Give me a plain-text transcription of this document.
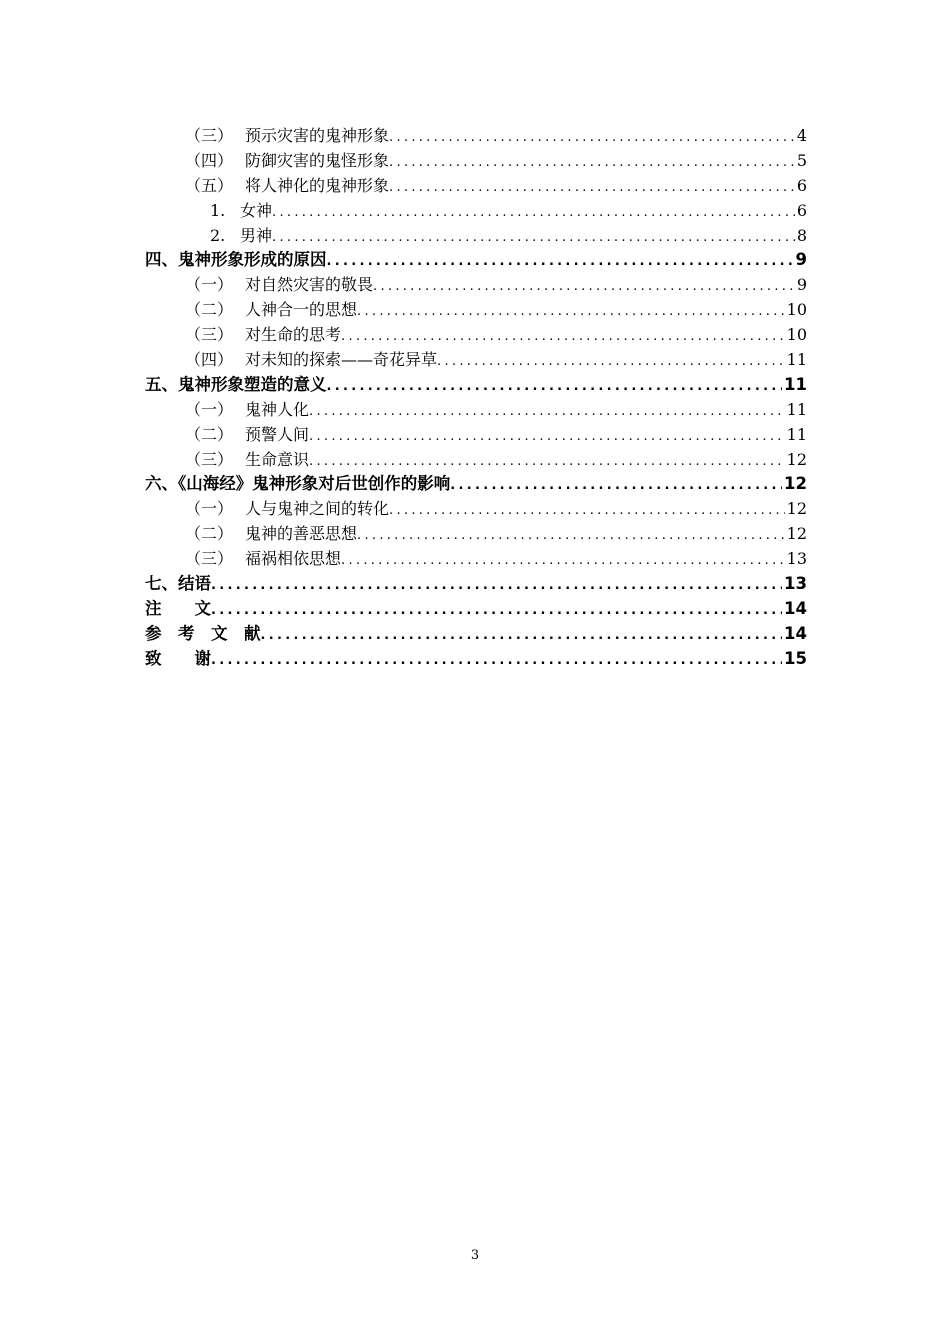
（三） 预示灾害的鬼神形象 .....	4
（四） 防御灾害的鬼怪形象 .....	5
（五） 将人神化的鬼神形象 .....	6
1. 女神 .....	6
2. 男神 .....	8
四、鬼神形象形成的原因 .....	9
（一） 对自然灾害的敬畏 .....	9
（二） 人神合一的思想 .....	10
（三） 对生命的思考 .....	10
（四） 对未知的探索——奇花异草 .....	11
五、鬼神形象塑造的意义 .....	11
（一） 鬼神人化 .....	11
（二） 预警人间 .....	11
（三） 生命意识 .....	12
六、《山海经》鬼神形象对后世创作的影响 .....	12
（一） 人与鬼神之间的转化 .....	12
（二） 鬼神的善恶思想 .....	12
（三） 福祸相依思想 .....	13
七、结语 .....	13
注　　文 .....	14
参　考　文　献 .....	14
致　　谢 .....	15
3
